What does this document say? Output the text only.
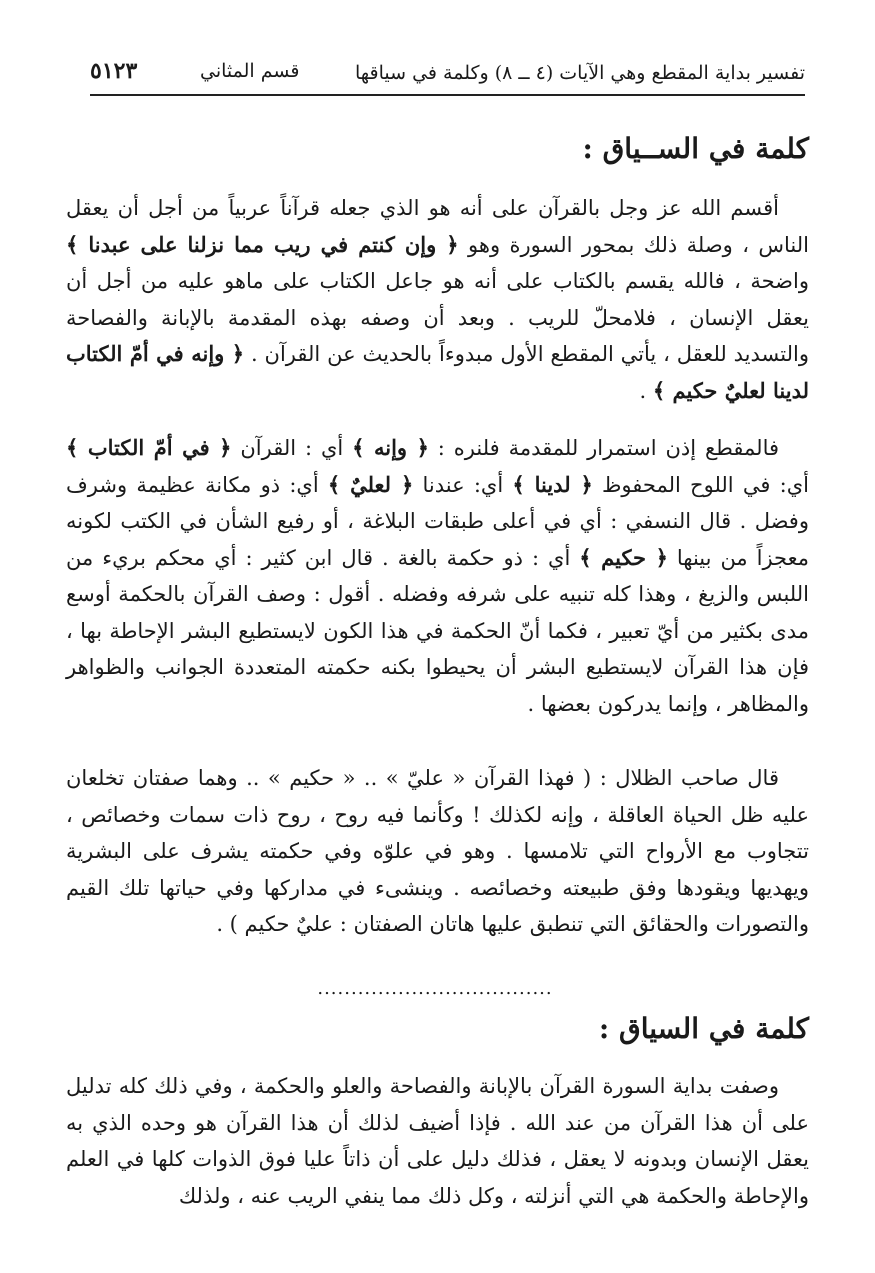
تفسير بداية المقطع وهي الآيات (٤ ــ ٨) وكلمة في سياقها
قسم المثاني
٥١٢٣
كلمة في الســياق :

أقسم الله عز وجل بالقرآن على أنه هو الذي جعله قرآناً عربياً من أجل أن يعقل الناس ، وصلة ذلك بمحور السورة وهو ﴿ وإن كنتم في ريب مما نزلنا على عبدنا ﴾ واضحة ، فالله يقسم بالكتاب على أنه هو جاعل الكتاب على ماهو عليه من أجل أن يعقل الإنسان ، فلامحلّ للريب . وبعد أن وصفه بهذه المقدمة بالإبانة والفصاحة والتسديد للعقل ، يأتي المقطع الأول مبدوءاً بالحديث عن القرآن . ﴿ وإنه في أمّ الكتاب لدينا لعليٌ حكيم ﴾ .

فالمقطع إذن استمرار للمقدمة فلنره : ﴿ وإنه ﴾ أي : القرآن ﴿ في أمّ الكتاب ﴾ أي: في اللوح المحفوظ ﴿ لدينا ﴾ أي: عندنا ﴿ لعليٌ ﴾ أي: ذو مكانة عظيمة وشرف وفضل . قال النسفي : أي في أعلى طبقات البلاغة ، أو رفيع الشأن في الكتب لكونه معجزاً من بينها ﴿ حكيم ﴾ أي : ذو حكمة بالغة . قال ابن كثير : أي محكم بريء من اللبس والزيغ ، وهذا كله تنبيه على شرفه وفضله . أقول : وصف القرآن بالحكمة أوسع مدى بكثير من أيّ تعبير ، فكما أنّ الحكمة في هذا الكون لايستطيع البشر الإحاطة بها ، فإن هذا القرآن لايستطيع البشر أن يحيطوا بكنه حكمته المتعددة الجوانب والظواهر والمظاهر ، وإنما يدركون بعضها .

قال صاحب الظلال : ( فهذا القرآن « عليّ » .. « حكيم » .. وهما صفتان تخلعان عليه ظل الحياة العاقلة ، وإنه لكذلك ! وكأنما فيه روح ، روح ذات سمات وخصائص ، تتجاوب مع الأرواح التي تلامسها . وهو في علوّه وفي حكمته يشرف على البشرية ويهديها ويقودها وفق طبيعته وخصائصه . وينشىء في مداركها وفي حياتها تلك القيم والتصورات والحقائق التي تنطبق عليها هاتان الصفتان : عليٌ حكيم ) .

...................................
كلمة في السياق :

وصفت بداية السورة القرآن بالإبانة والفصاحة والعلو والحكمة ، وفي ذلك كله تدليل على أن هذا القرآن من عند الله . فإذا أضيف لذلك أن هذا القرآن هو وحده الذي به يعقل الإنسان وبدونه لا يعقل ، فذلك دليل على أن ذاتاً عليا فوق الذوات كلها في العلم والإحاطة والحكمة هي التي أنزلته ، وكل ذلك مما ينفي الريب عنه ، ولذلك
